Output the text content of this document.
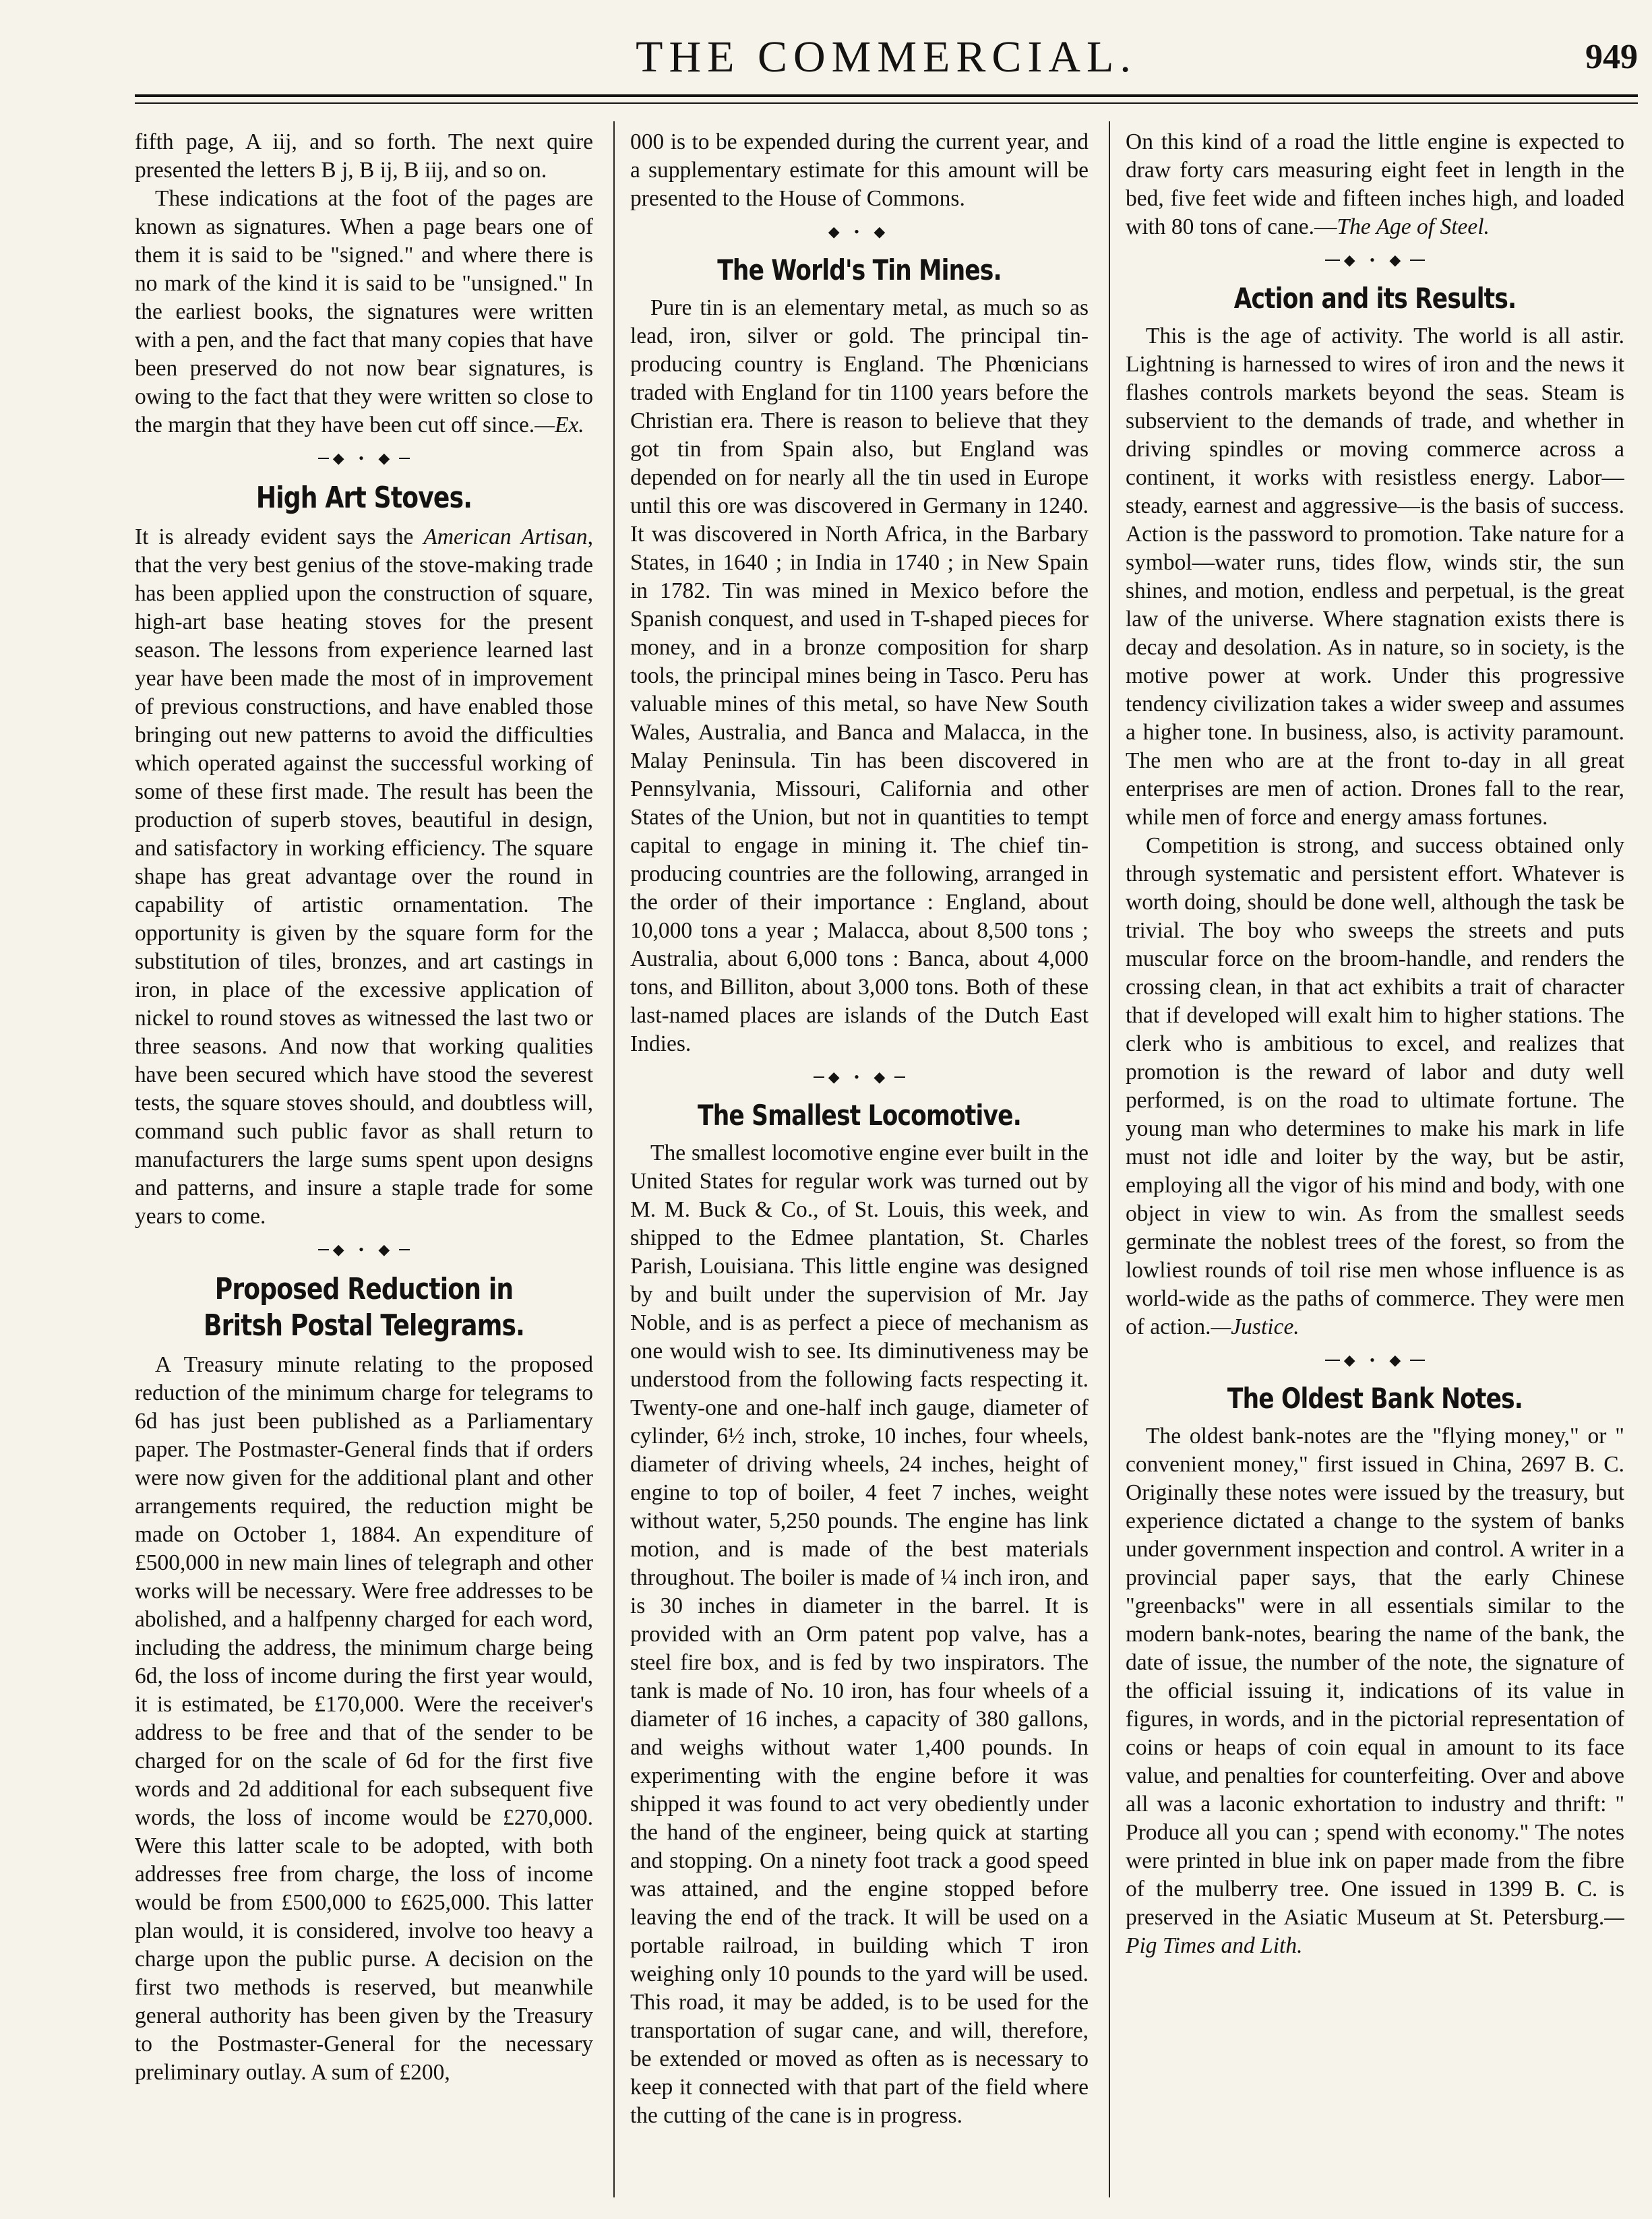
THE COMMERCIAL.	949

fifth page, A iij, and so forth. The next quire presented the letters B j, B ij, B iij, and so on.

These indications at the foot of the pages are known as signatures. When a page bears one of them it is said to be "signed." and where there is no mark of the kind it is said to be "unsigned." In the earliest books, the signatures were written with a pen, and the fact that many copies that have been preserved do not now bear signatures, is owing to the fact that they were written so close to the margin that they have been cut off since.—Ex.

◆ • ◆
High Art Stoves.

It is already evident says the American Artisan, that the very best genius of the stove-making trade has been applied upon the construction of square, high-art base heating stoves for the present season. The lessons from experience learned last year have been made the most of in improvement of previous constructions, and have enabled those bringing out new patterns to avoid the difficulties which operated against the successful working of some of these first made. The result has been the production of superb stoves, beautiful in design, and satisfactory in working efficiency. The square shape has great advantage over the round in capability of artistic ornamentation. The opportunity is given by the square form for the substitution of tiles, bronzes, and art castings in iron, in place of the excessive application of nickel to round stoves as witnessed the last two or three seasons. And now that working qualities have been secured which have stood the severest tests, the square stoves should, and doubtless will, command such public favor as shall return to manufacturers the large sums spent upon designs and patterns, and insure a staple trade for some years to come.

◆ • ◆
Proposed Reduction in Britsh Postal Telegrams.

A Treasury minute relating to the proposed reduction of the minimum charge for telegrams to 6d has just been published as a Parliamentary paper. The Postmaster-General finds that if orders were now given for the additional plant and other arrangements required, the reduction might be made on October 1, 1884. An expenditure of £500,000 in new main lines of telegraph and other works will be necessary. Were free addresses to be abolished, and a halfpenny charged for each word, including the address, the minimum charge being 6d, the loss of income during the first year would, it is estimated, be £170,000. Were the receiver's address to be free and that of the sender to be charged for on the scale of 6d for the first five words and 2d additional for each subsequent five words, the loss of income would be £270,000. Were this latter scale to be adopted, with both addresses free from charge, the loss of income would be from £500,000 to £625,000. This latter plan would, it is considered, involve too heavy a charge upon the public purse. A decision on the first two methods is reserved, but meanwhile general authority has been given by the Treasury to the Postmaster-General for the necessary preliminary outlay. A sum of £200,

000 is to be expended during the current year, and a supplementary estimate for this amount will be presented to the House of Commons.

◆ • ◆
The World's Tin Mines.

Pure tin is an elementary metal, as much so as lead, iron, silver or gold. The principal tin-producing country is England. The Phœnicians traded with England for tin 1100 years before the Christian era. There is reason to believe that they got tin from Spain also, but England was depended on for nearly all the tin used in Europe until this ore was discovered in Germany in 1240. It was discovered in North Africa, in the Barbary States, in 1640 ; in India in 1740 ; in New Spain in 1782. Tin was mined in Mexico before the Spanish conquest, and used in T-shaped pieces for money, and in a bronze composition for sharp tools, the principal mines being in Tasco. Peru has valuable mines of this metal, so have New South Wales, Australia, and Banca and Malacca, in the Malay Peninsula. Tin has been discovered in Pennsylvania, Missouri, California and other States of the Union, but not in quantities to tempt capital to engage in mining it. The chief tin-producing countries are the following, arranged in the order of their importance : England, about 10,000 tons a year ; Malacca, about 8,500 tons ; Australia, about 6,000 tons : Banca, about 4,000 tons, and Billiton, about 3,000 tons. Both of these last-named places are islands of the Dutch East Indies.

◆ • ◆
The Smallest Locomotive.

The smallest locomotive engine ever built in the United States for regular work was turned out by M. M. Buck & Co., of St. Louis, this week, and shipped to the Edmee plantation, St. Charles Parish, Louisiana. This little engine was designed by and built under the supervision of Mr. Jay Noble, and is as perfect a piece of mechanism as one would wish to see. Its diminutiveness may be understood from the following facts respecting it. Twenty-one and one-half inch gauge, diameter of cylinder, 6½ inch, stroke, 10 inches, four wheels, diameter of driving wheels, 24 inches, height of engine to top of boiler, 4 feet 7 inches, weight without water, 5,250 pounds. The engine has link motion, and is made of the best materials throughout. The boiler is made of ¼ inch iron, and is 30 inches in diameter in the barrel. It is provided with an Orm patent pop valve, has a steel fire box, and is fed by two inspirators. The tank is made of No. 10 iron, has four wheels of a diameter of 16 inches, a capacity of 380 gallons, and weighs without water 1,400 pounds. In experimenting with the engine before it was shipped it was found to act very obediently under the hand of the engineer, being quick at starting and stopping. On a ninety foot track a good speed was attained, and the engine stopped before leaving the end of the track. It will be used on a portable railroad, in building which T iron weighing only 10 pounds to the yard will be used. This road, it may be added, is to be used for the transportation of sugar cane, and will, therefore, be extended or moved as often as is necessary to keep it connected with that part of the field where the cutting of the cane is in progress.

On this kind of a road the little engine is expected to draw forty cars measuring eight feet in length in the bed, five feet wide and fifteen inches high, and loaded with 80 tons of cane.—The Age of Steel.

◆ • ◆
Action and its Results.

This is the age of activity. The world is all astir. Lightning is harnessed to wires of iron and the news it flashes controls markets beyond the seas. Steam is subservient to the demands of trade, and whether in driving spindles or moving commerce across a continent, it works with resistless energy. Labor—steady, earnest and aggressive—is the basis of success. Action is the password to promotion. Take nature for a symbol—water runs, tides flow, winds stir, the sun shines, and motion, endless and perpetual, is the great law of the universe. Where stagnation exists there is decay and desolation. As in nature, so in society, is the motive power at work. Under this progressive tendency civilization takes a wider sweep and assumes a higher tone. In business, also, is activity paramount. The men who are at the front to-day in all great enterprises are men of action. Drones fall to the rear, while men of force and energy amass fortunes.

Competition is strong, and success obtained only through systematic and persistent effort. Whatever is worth doing, should be done well, although the task be trivial. The boy who sweeps the streets and puts muscular force on the broom-handle, and renders the crossing clean, in that act exhibits a trait of character that if developed will exalt him to higher stations. The clerk who is ambitious to excel, and realizes that promotion is the reward of labor and duty well performed, is on the road to ultimate fortune. The young man who determines to make his mark in life must not idle and loiter by the way, but be astir, employing all the vigor of his mind and body, with one object in view to win. As from the smallest seeds germinate the noblest trees of the forest, so from the lowliest rounds of toil rise men whose influence is as world-wide as the paths of commerce. They were men of action.—Justice.

◆ • ◆
The Oldest Bank Notes.

The oldest bank-notes are the "flying money," or " convenient money," first issued in China, 2697 B. C. Originally these notes were issued by the treasury, but experience dictated a change to the system of banks under government inspection and control. A writer in a provincial paper says, that the early Chinese "greenbacks" were in all essentials similar to the modern bank-notes, bearing the name of the bank, the date of issue, the number of the note, the signature of the official issuing it, indications of its value in figures, in words, and in the pictorial representation of coins or heaps of coin equal in amount to its face value, and penalties for counterfeiting. Over and above all was a laconic exhortation to industry and thrift: " Produce all you can ; spend with economy." The notes were printed in blue ink on paper made from the fibre of the mulberry tree. One issued in 1399 B. C. is preserved in the Asiatic Museum at St. Petersburg.—Pig Times and Lith.
